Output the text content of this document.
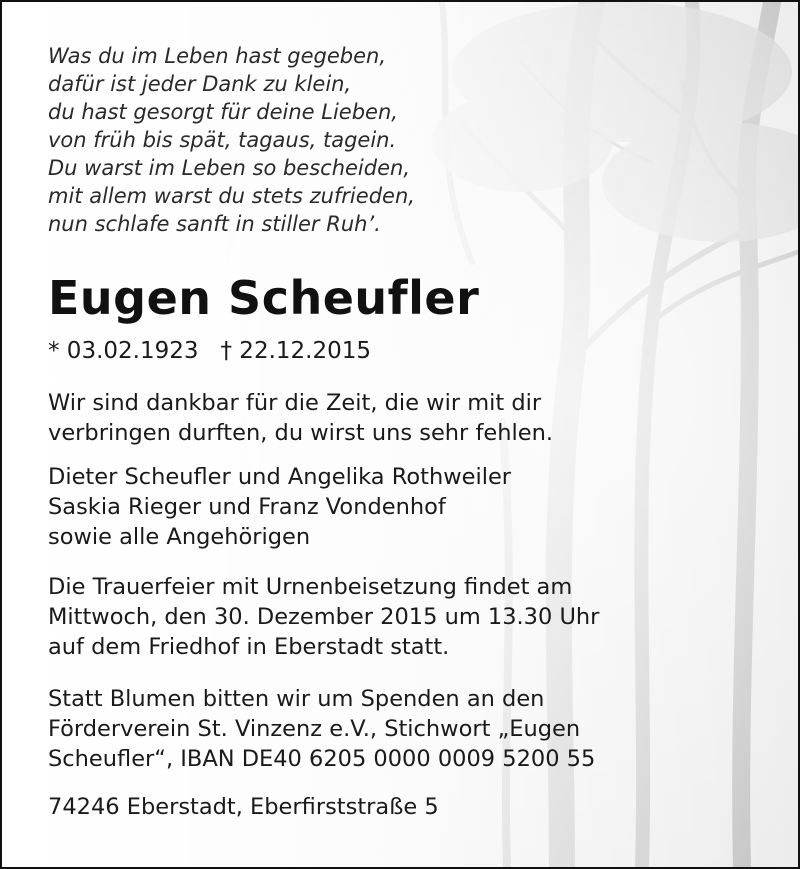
Was du im Leben hast gegeben,
dafür ist jeder Dank zu klein,
du hast gesorgt für deine Lieben,
von früh bis spät, tagaus, tagein.
Du warst im Leben so bescheiden,
mit allem warst du stets zufrieden,
nun schlafe sanft in stiller Ruh’.
Eugen Scheufler
* 03.02.1923 † 22.12.2015
Wir sind dankbar für die Zeit, die wir mit dir
verbringen durften, du wirst uns sehr fehlen.
Dieter Scheufler und Angelika Rothweiler
Saskia Rieger und Franz Vondenhof
sowie alle Angehörigen
Die Trauerfeier mit Urnenbeisetzung findet am
Mittwoch, den 30. Dezember 2015 um 13.30 Uhr
auf dem Friedhof in Eberstadt statt.
Statt Blumen bitten wir um Spenden an den
Förderverein St. Vinzenz e.V., Stichwort „Eugen
Scheufler“, IBAN DE40 6205 0000 0009 5200 55
74246 Eberstadt, Eberfirststraße 5
